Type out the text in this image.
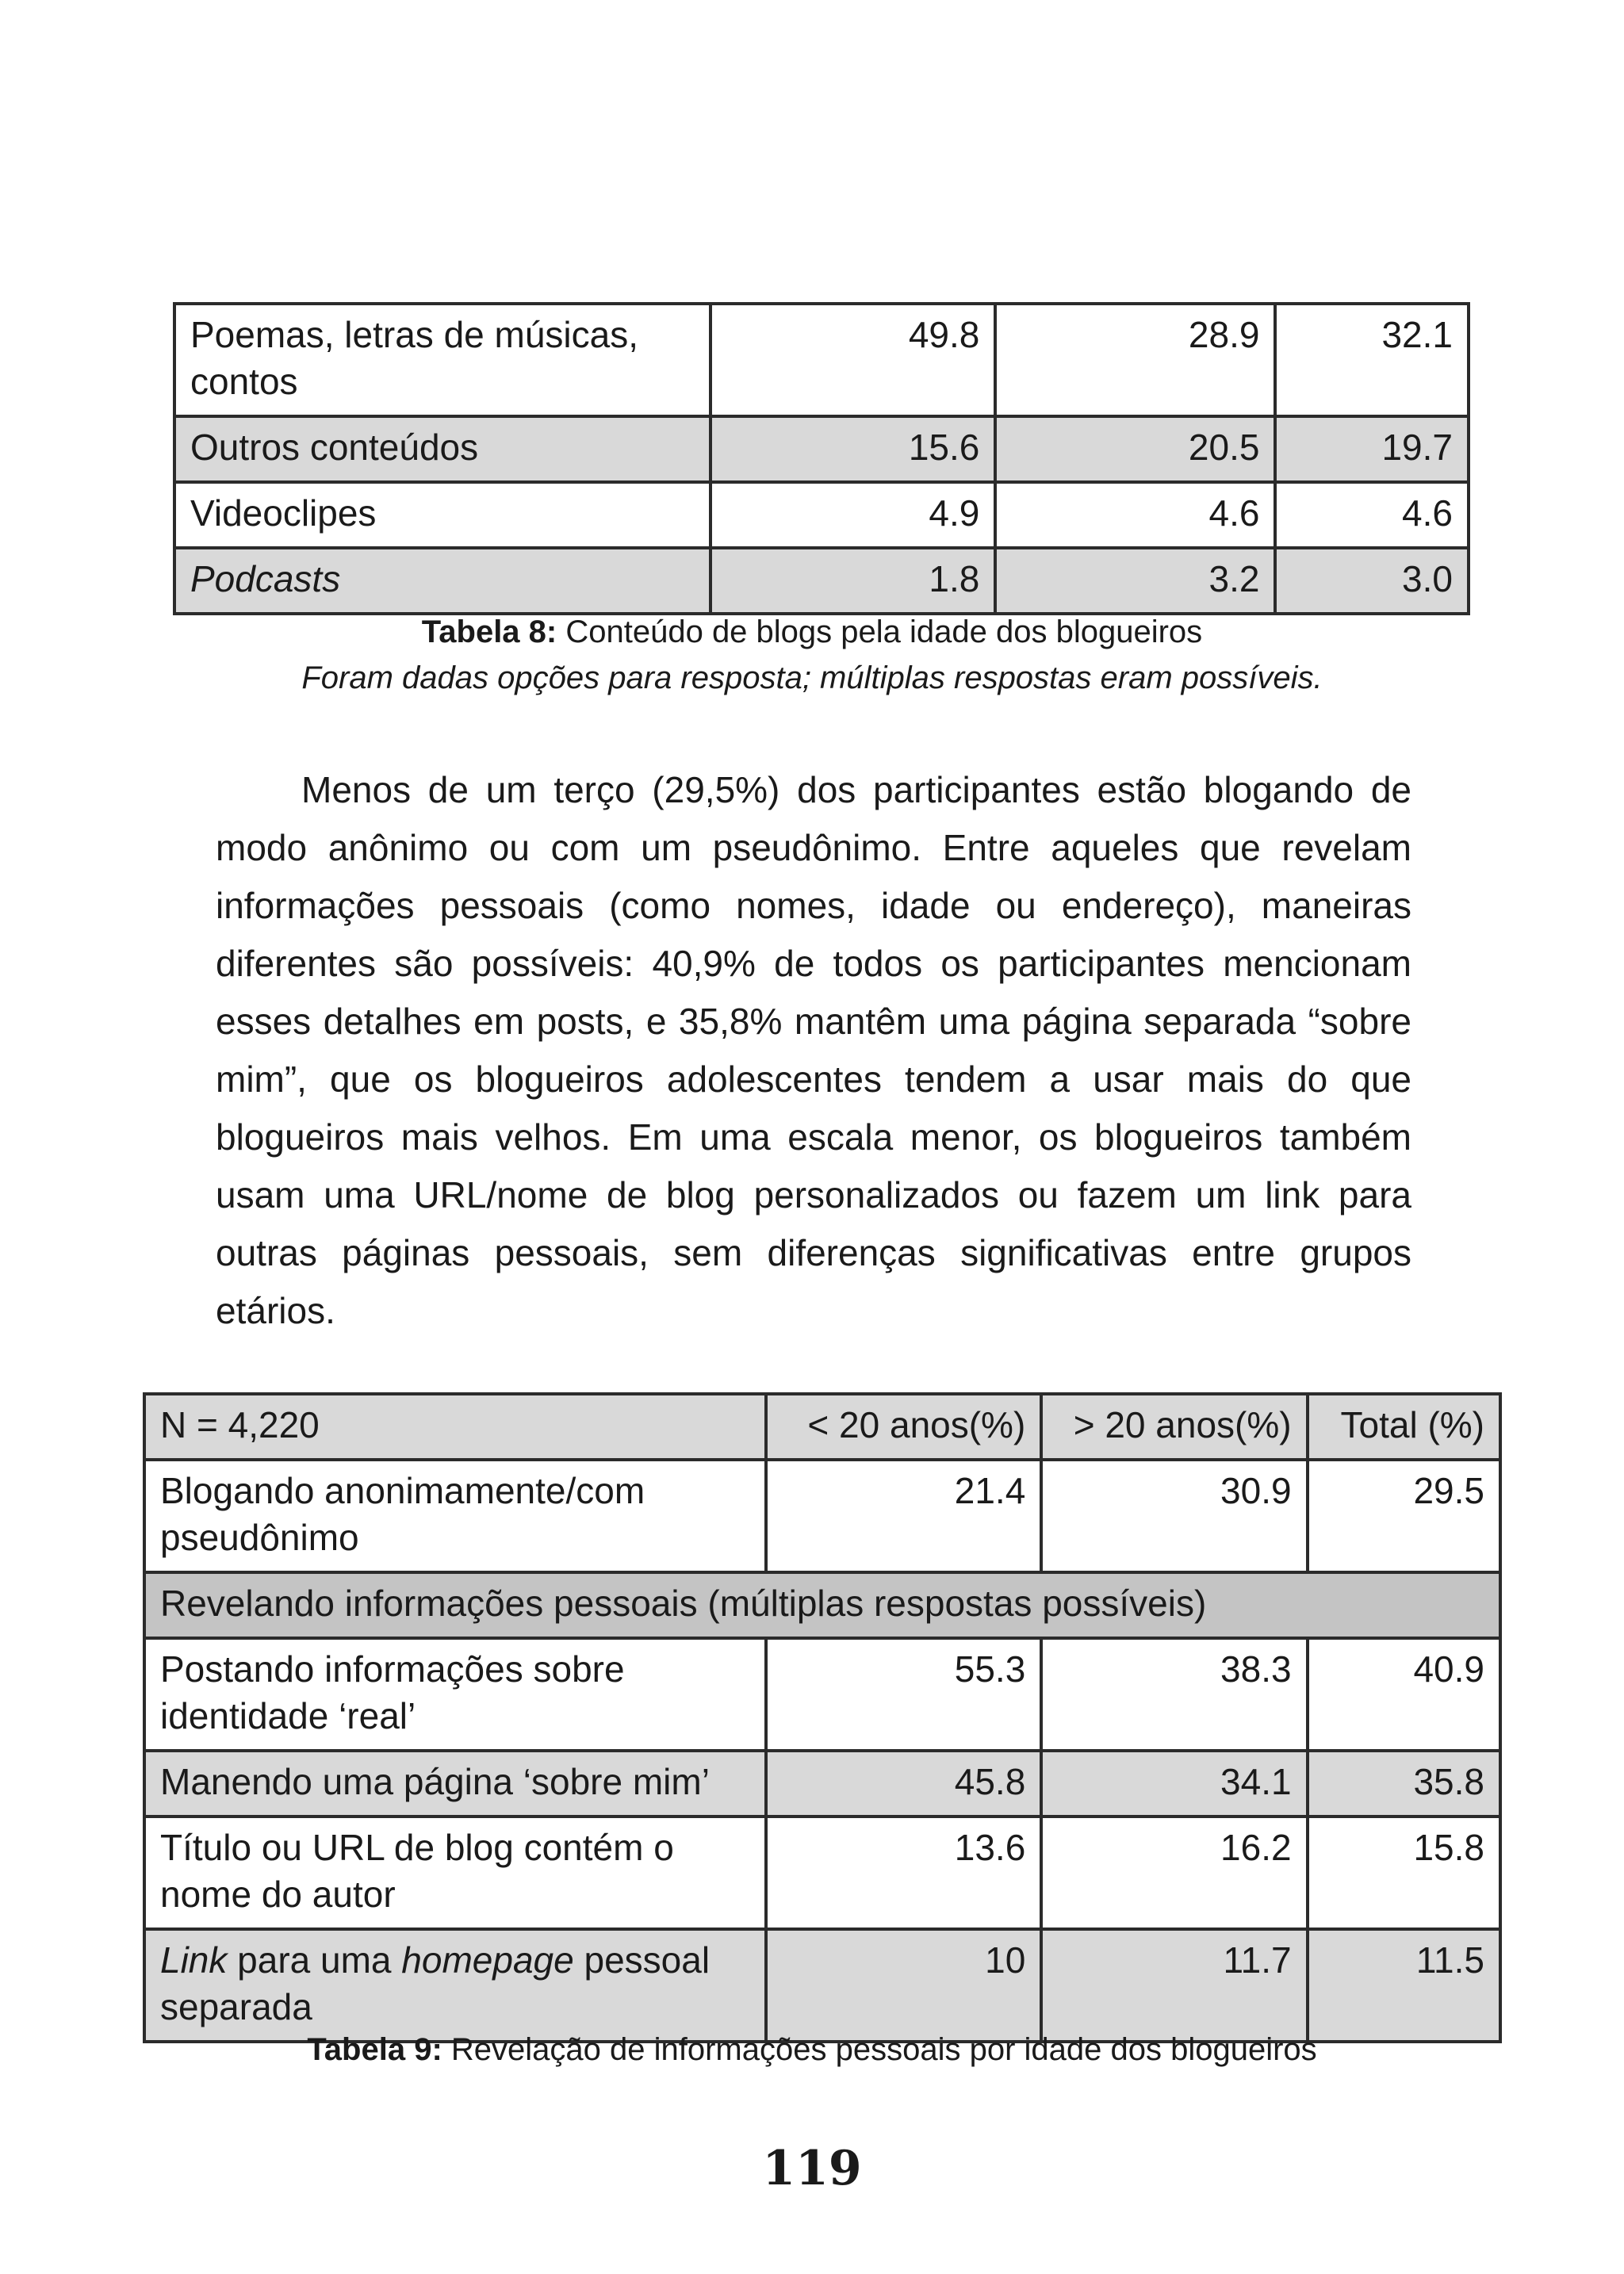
Poemas, letras de músicas, contos	49.8	28.9	32.1
Outros conteúdos	15.6	20.5	19.7
Videoclipes	4.9	4.6	4.6
Podcasts	1.8	3.2	3.0
Tabela 8: Conteúdo de blogs pela idade dos blogueiros
Foram dadas opções para resposta; múltiplas respostas eram possíveis.

Menos de um terço (29,5%) dos participantes estão blogando de modo anônimo ou com um pseudônimo. Entre aqueles que revelam informações pessoais (como nomes, idade ou endereço), maneiras diferentes são possíveis: 40,9% de todos os participantes mencionam esses detalhes em posts, e 35,8% mantêm uma página separada “sobre mim”, que os blogueiros adolescentes tendem a usar mais do que blogueiros mais velhos. Em uma escala menor, os blogueiros também usam uma URL/nome de blog personalizados ou fazem um link para outras páginas pessoais, sem diferenças significativas entre grupos etários.

N = 4,220	< 20 anos(%)	> 20 anos(%)	Total (%)
Blogando anonimamente/com pseudônimo	21.4	30.9	29.5
Revelando informações pessoais (múltiplas respostas possíveis)			
Postando informações sobre identidade ‘real’	55.3	38.3	40.9
Manendo uma página ‘sobre mim’	45.8	34.1	35.8
Título ou URL de blog contém o nome do autor	13.6	16.2	15.8
Link para uma homepage pessoal separada	10	11.7	11.5
Tabela 9: Revelação de informações pessoais por idade dos blogueiros
119
